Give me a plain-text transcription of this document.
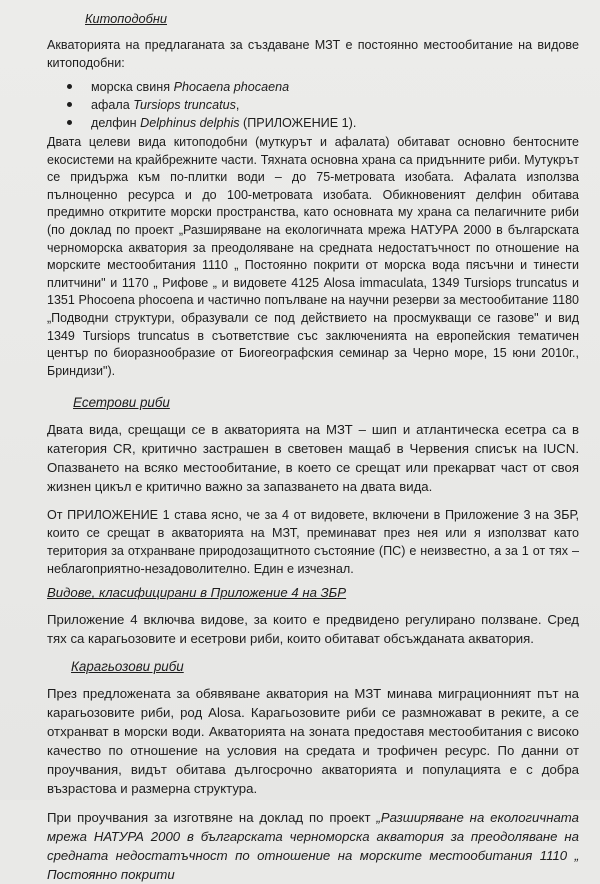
Китоподобни

Акваторията на предлаганата за създаване МЗТ е постоянно местообитание на видове китоподобни:

морска свиня Phocaena phocaena
афала Tursiops truncatus,
делфин Delphinus delphis (ПРИЛОЖЕНИЕ 1).

Двата целеви вида китоподобни (муткурът и афалата) обитават основно бентосните екосистеми на крайбрежните части. Тяхната основна храна са придънните риби. Мутукрът се придържа към по-плитки води – до 75-метровата изобата. Афалата използва пълноценно ресурса и до 100-метровата изобата. Обикновеният делфин обитава предимно откритите морски пространства, като основната му храна са пелагичните риби (по доклад по проект „Разширяване на екологичната мрежа НАТУРА 2000 в българската черноморска акватория за преодоляване на средната недостатъчност по отношение на морските местообитания 1110 „ Постоянно покрити от морска вода пясъчни и тинести плитчини" и 1170 „ Рифове „ и видовете 4125 Alosa immaculata, 1349 Tursiops truncatus и 1351 Phocoena phocoena и частично попълване на научни резерви за местообитание 1180 „Подводни структури, образували се под действието на просмукващи се газове" и вид 1349 Tursiops truncatus в съответствие със заключенията на европейския тематичен център по биоразнообразие от Биогеографския семинар за Черно море, 15 юни 2010г., Бриндизи").

Есетрови риби

Двата вида, срещащи се в акваторията на МЗТ – шип и атлантическа есетра са в категория CR, критично застрашен в световен мащаб в Червения списък на IUCN. Опазването на всяко местообитание, в което се срещат или прекарват част от своя жизнен цикъл е критично важно за запазването на двата вида.

От ПРИЛОЖЕНИЕ 1 става ясно, че за 4 от видовете, включени в Приложение 3 на ЗБР, които се срещат в акваторията на МЗТ, преминават през нея или я използват като територия за отхранване природозащитното състояние (ПС) е неизвестно, а за 1 от тях – неблагоприятно-незадоволително. Един е изчезнал.

Видове, класифицирани в Приложение 4 на ЗБР

Приложение 4 включва видове, за които е предвидено регулирано ползване. Сред тях са карагьозовите и есетрови риби, които обитават обсъжданата акватория.

Карагьозови риби

През предложената за обявяване акватория на МЗТ минава миграционният път на карагьозовите риби, род Alosa. Карагьозовите риби се размножават в реките, а се отхранват в морски води. Акваторията на зоната предоставя местообитания с високо качество по отношение на условия на средата и трофичен ресурс. По данни от проучвания, видът обитава дългосрочно акваторията и популацията е с добра възрастова и размерна структура.

При проучвания за изготвяне на доклад по проект „Разширяване на екологичната мрежа НАТУРА 2000 в българската черноморска акватория за преодоляване на средната недостатъчност по отношение на морските местообитания 1110 „ Постоянно покрити
